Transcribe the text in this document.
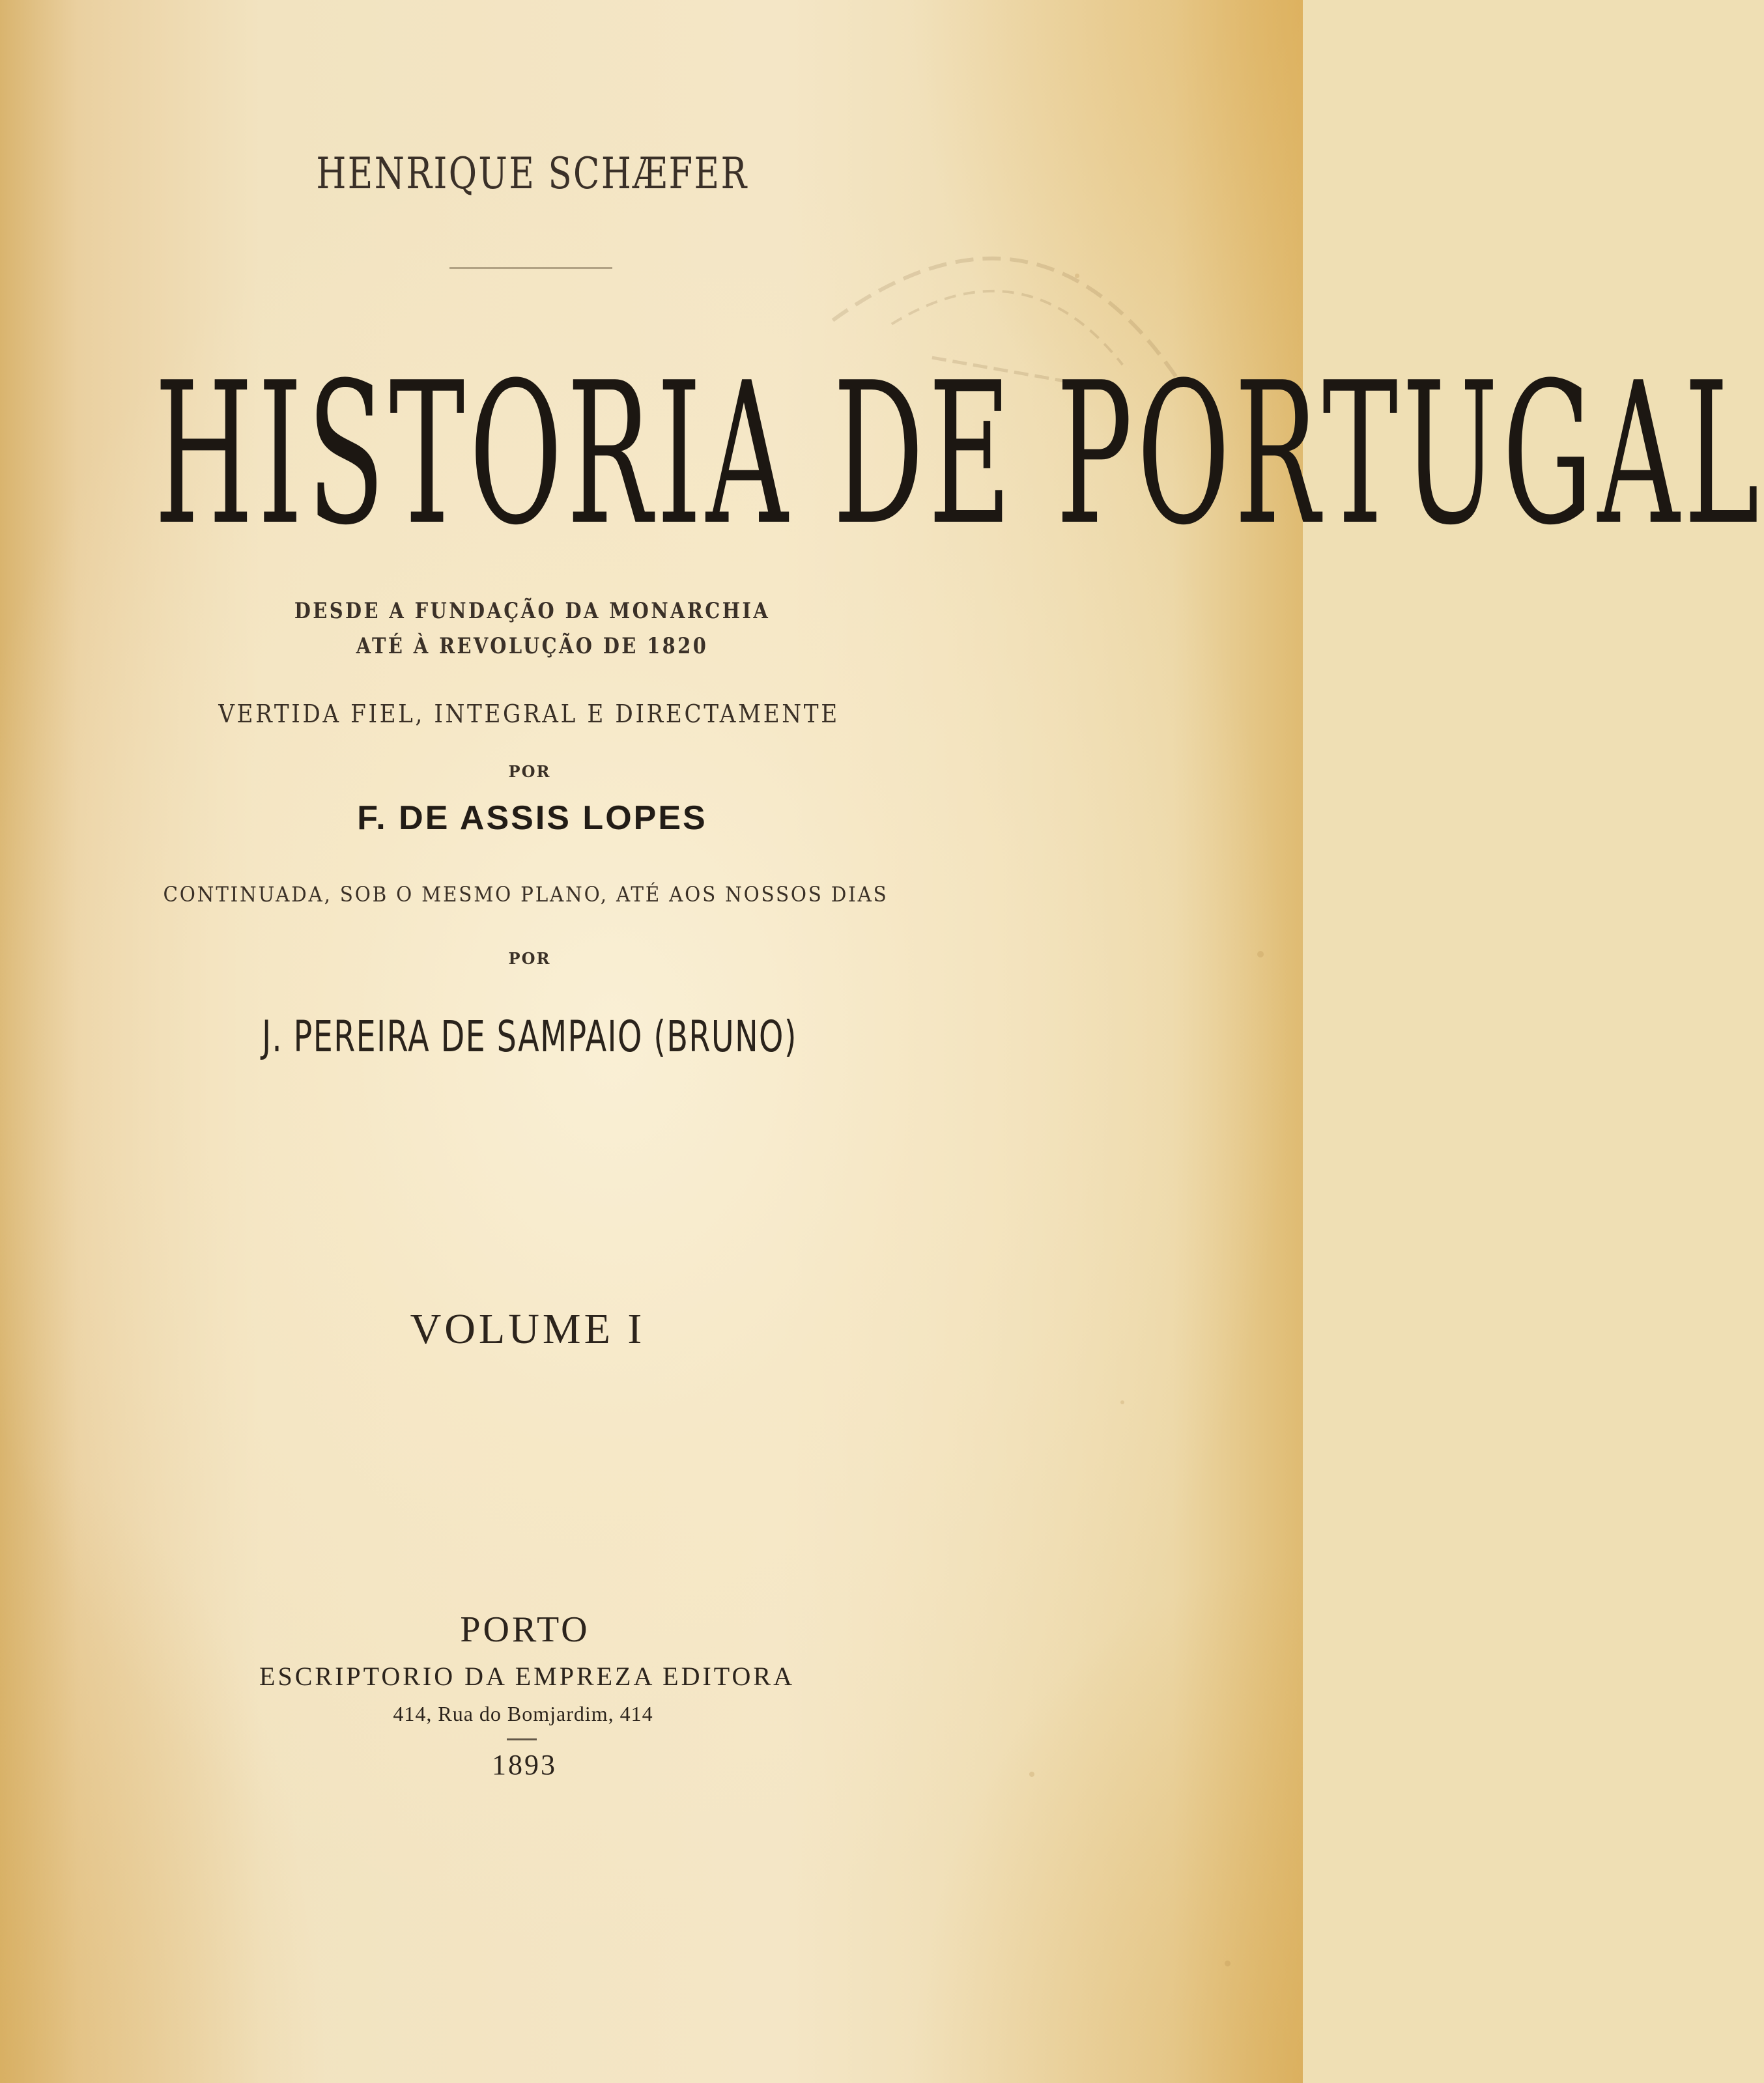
HENRIQUE SCHÆFER
HISTORIA DE PORTUGAL
DESDE A FUNDAÇÃO DA MONARCHIA
ATÉ À REVOLUÇÃO DE 1820
VERTIDA FIEL, INTEGRAL E DIRECTAMENTE
POR
F. DE ASSIS LOPES
CONTINUADA, SOB O MESMO PLANO, ATÉ AOS NOSSOS DIAS
POR
J. PEREIRA DE SAMPAIO (BRUNO)
VOLUME I
PORTO
ESCRIPTORIO DA EMPREZA EDITORA
414, Rua do Bomjardim, 414
1893
